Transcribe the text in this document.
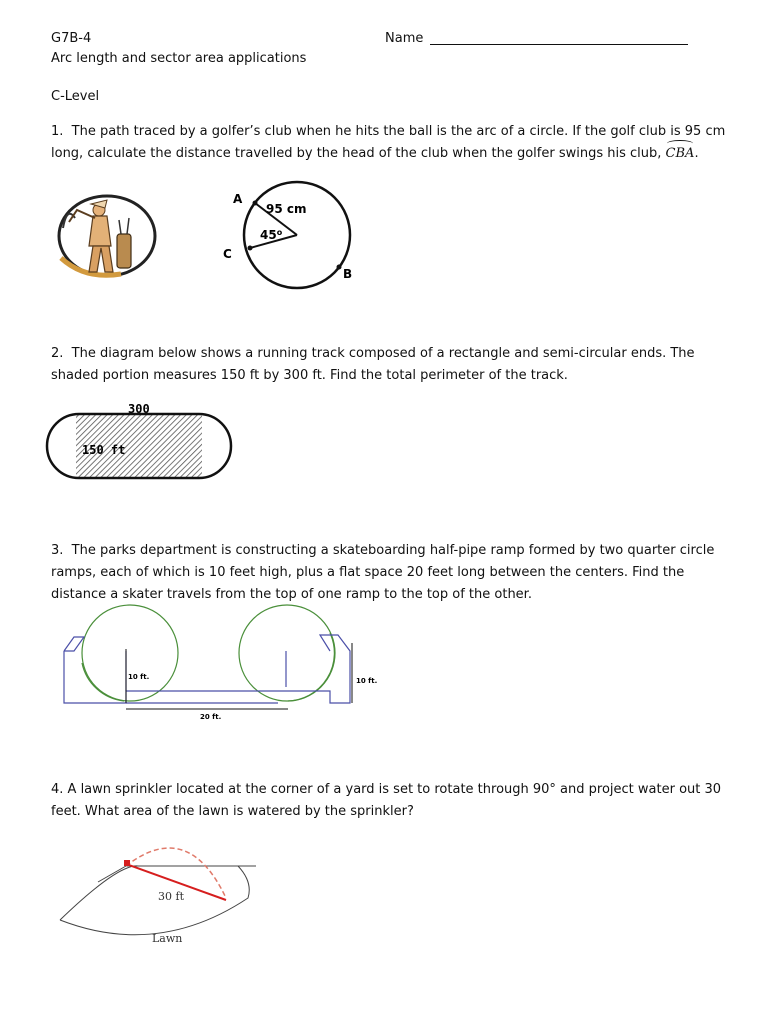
G7B-4	Name
Arc length and sector area applications
C-Level
1. The path traced by a golfer’s club when he hits the ball is the arc of a circle. If the golf club is 95 cm long, calculate the distance travelled by the head of the club when the golfer swings his club,
CBA.
A
C
B
95 cm
45$^o$
2. The diagram below shows a running track composed of a rectangle and semi-circular ends. The shaded portion measures 150 ft by 300 ft. Find the total perimeter of the track.
300
150 ft
3. The parks department is constructing a skateboarding half-pipe ramp formed by two quarter circle ramps, each of which is 10 feet high, plus a flat space 20 feet long between the centers. Find the distance a skater travels from the top of one ramp to the top of the other.
10 ft.	10 ft.
20 ft.
4. A lawn sprinkler located at the corner of a yard is set to rotate through 90° and project water out 30 feet. What area of the lawn is watered by the sprinkler?
30 ft
Lawn
